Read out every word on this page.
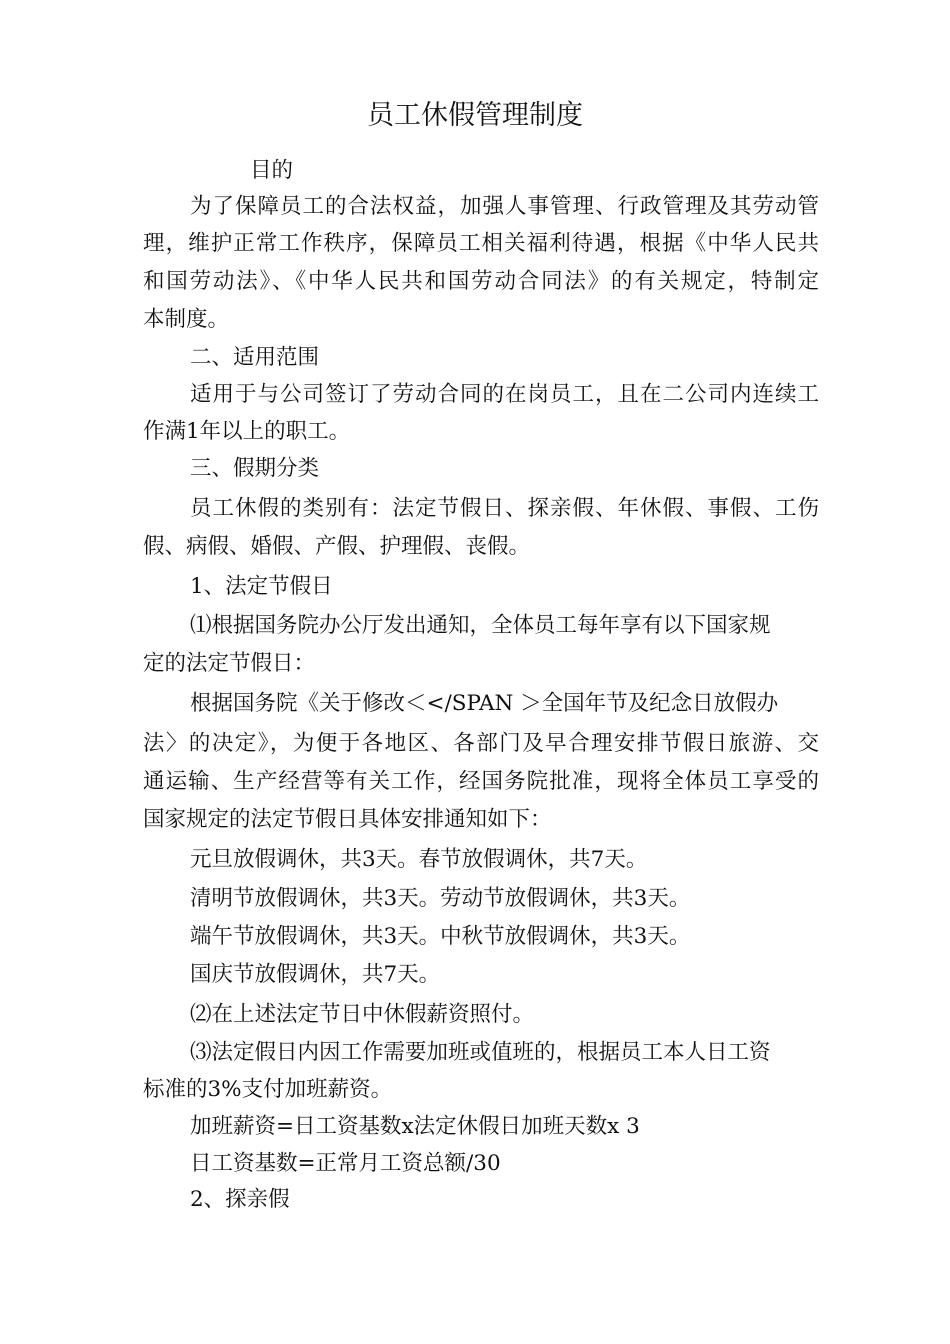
员工休假管理制度
目的
为了保障员工的合法权益，加强人事管理、行政管理及其劳动管
理，维护正常工作秩序，保障员工相关福利待遇，根据《中华人民共
和国劳动法》、《中华人民共和国劳动合同法》的有关规定，特制定
本制度。
二、适用范围
适用于与公司签订了劳动合同的在岗员工，且在二公司内连续工
作满1年以上的职工。
三、假期分类
员工休假的类别有：法定节假日、探亲假、年休假、事假、工伤
假、病假、婚假、产假、护理假、丧假。
1、法定节假日
⑴根据国务院办公厅发出通知，全体员工每年享有以下国家规
定的法定节假日：
根据国务院《关于修改＜</SPAN ＞全国年节及纪念日放假办
法〉的决定》，为便于各地区、各部门及早合理安排节假日旅游、交
通运输、生产经营等有关工作，经国务院批准，现将全体员工享受的
国家规定的法定节假日具体安排通知如下：
元旦放假调休，共3天。春节放假调休，共7天。
清明节放假调休，共3天。劳动节放假调休，共3天。
端午节放假调休，共3天。中秋节放假调休，共3天。
国庆节放假调休，共7天。
⑵在上述法定节日中休假薪资照付。
⑶法定假日内因工作需要加班或值班的，根据员工本人日工资
标准的3%支付加班薪资。
加班薪资=日工资基数x法定休假日加班天数x 3
日工资基数=正常月工资总额/30
2、探亲假
